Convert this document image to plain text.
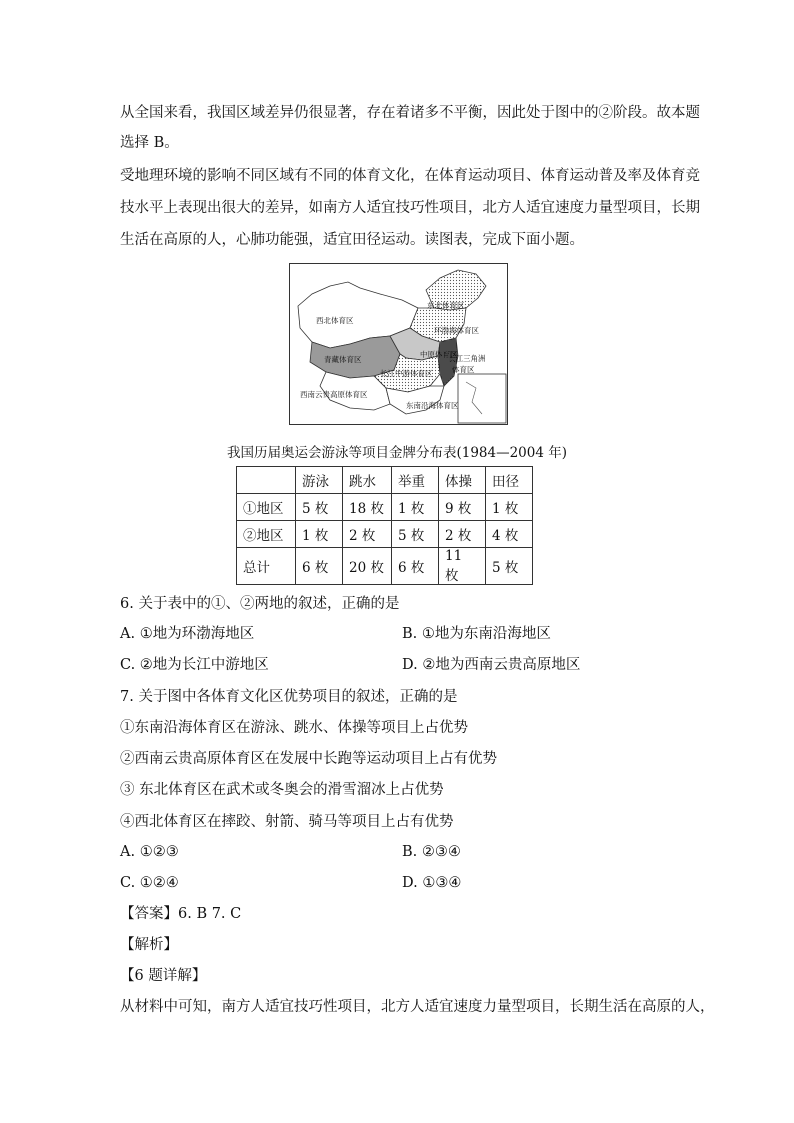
从全国来看，我国区域差异仍很显著，存在着诸多不平衡，因此处于图中的②阶段。故本题
选择 B。
受地理环境的影响不同区域有不同的体育文化，在体育运动项目、体育运动普及率及体育竞
技水平上表现出很大的差异，如南方人适宜技巧性项目，北方人适宜速度力量型项目，长期
生活在高原的人，心肺功能强，适宜田径运动。读图表，完成下面小题。
东北体育区
西北体育区
环渤海体育区
中原体育区
青藏体育区
长江中游体育区
长江三角洲
体育区
西南云贵高原体育区
东南沿海体育区
我国历届奥运会游泳等项目金牌分布表(1984—2004 年)
	游泳	跳水	举重	体操	田径
①地区	5 枚	18 枚	1 枚	9 枚	1 枚
②地区	1 枚	2 枚	5 枚	2 枚	4 枚
总计	6 枚	20 枚	6 枚	11 枚	5 枚
6. 关于表中的①、②两地的叙述，正确的是
A. ①地为环渤海地区	B. ①地为东南沿海地区
C. ②地为长江中游地区	D. ②地为西南云贵高原地区
7. 关于图中各体育文化区优势项目的叙述，正确的是
①东南沿海体育区在游泳、跳水、体操等项目上占优势
②西南云贵高原体育区在发展中长跑等运动项目上占有优势
③ 东北体育区在武术或冬奥会的滑雪溜冰上占优势
④西北体育区在摔跤、射箭、骑马等项目上占有优势
A. ①②③	B. ②③④
C. ①②④	D. ①③④
【答案】6. B 7. C
【解析】
【6 题详解】
从材料中可知，南方人适宜技巧性项目，北方人适宜速度力量型项目，长期生活在高原的人，
